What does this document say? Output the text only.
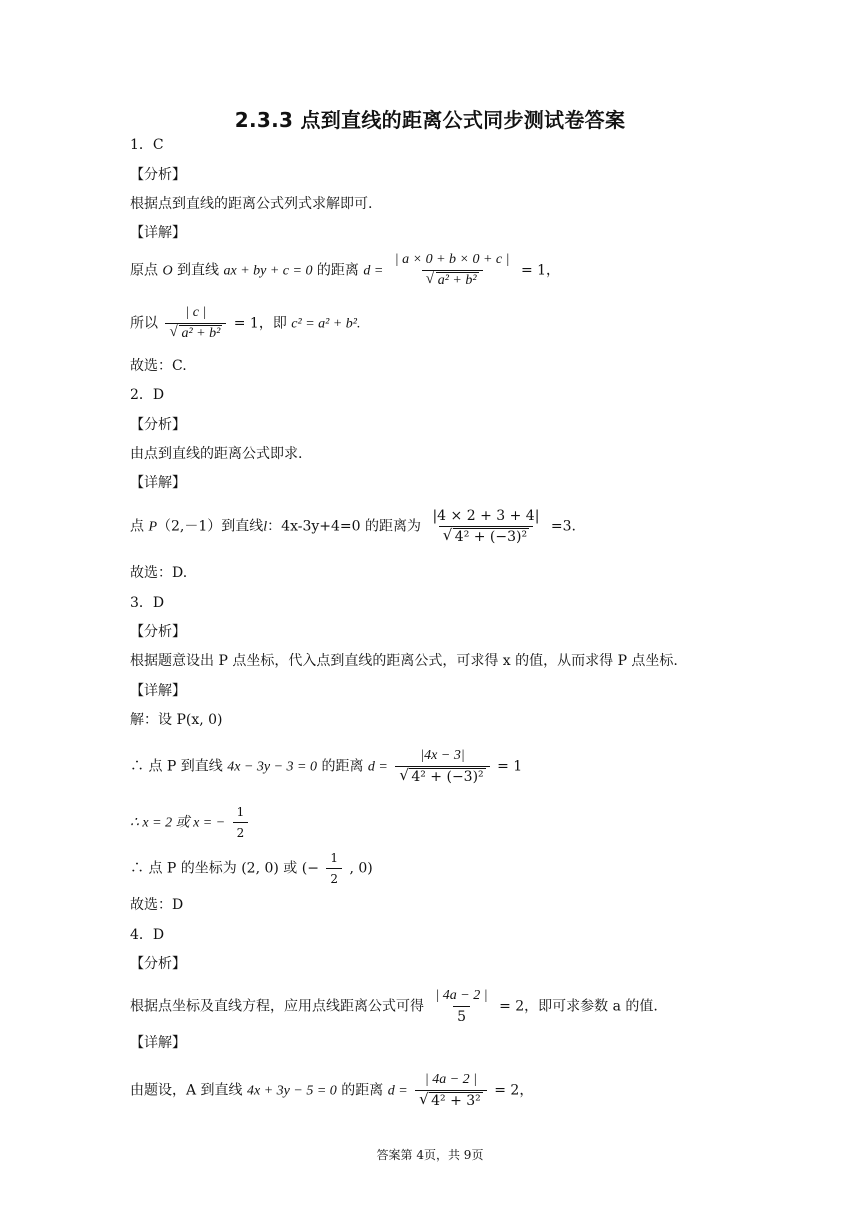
2.3.3 点到直线的距离公式同步测试卷答案
1．C
【分析】
根据点到直线的距离公式列式求解即可.
【详解】
原点 O 到直线 ax + by + c = 0 的距离 d = | a × 0 + b × 0 + c |
√ a² + b² = 1，
所以 | c |
√ a² + b² = 1，即 c² = a² + b².
故选：C.
2．D
【分析】
由点到直线的距离公式即求.
【详解】
点 P（2,－1）到直线l：4x-3y+4=0 的距离为 |4 × 2 + 3 + 4|
√ 4² + (−3)² =3.
故选：D.
3．D
【分析】
根据题意设出 P 点坐标，代入点到直线的距离公式，可求得 x 的值，从而求得 P 点坐标.
【详解】
解：设 P(x, 0)
∴ 点 P 到直线 4x − 3y − 3 = 0 的距离 d = |4x − 3|
√ 4² + (−3)² = 1
∴ x = 2 或 x = − $\frac{1}{2}$
∴ 点 P 的坐标为 (2, 0) 或 (− $\frac{1}{2}$ , 0)
故选：D
4．D
【分析】
根据点坐标及直线方程，应用点线距离公式可得 $\frac{| 4a - 2 |}{5} = 2$，即可求参数 a 的值.
【详解】
由题设，A 到直线 4x + 3y − 5 = 0 的距离 d = | 4a − 2 |
√ 4² + 3² = 2，
答案第 4页，共 9页
